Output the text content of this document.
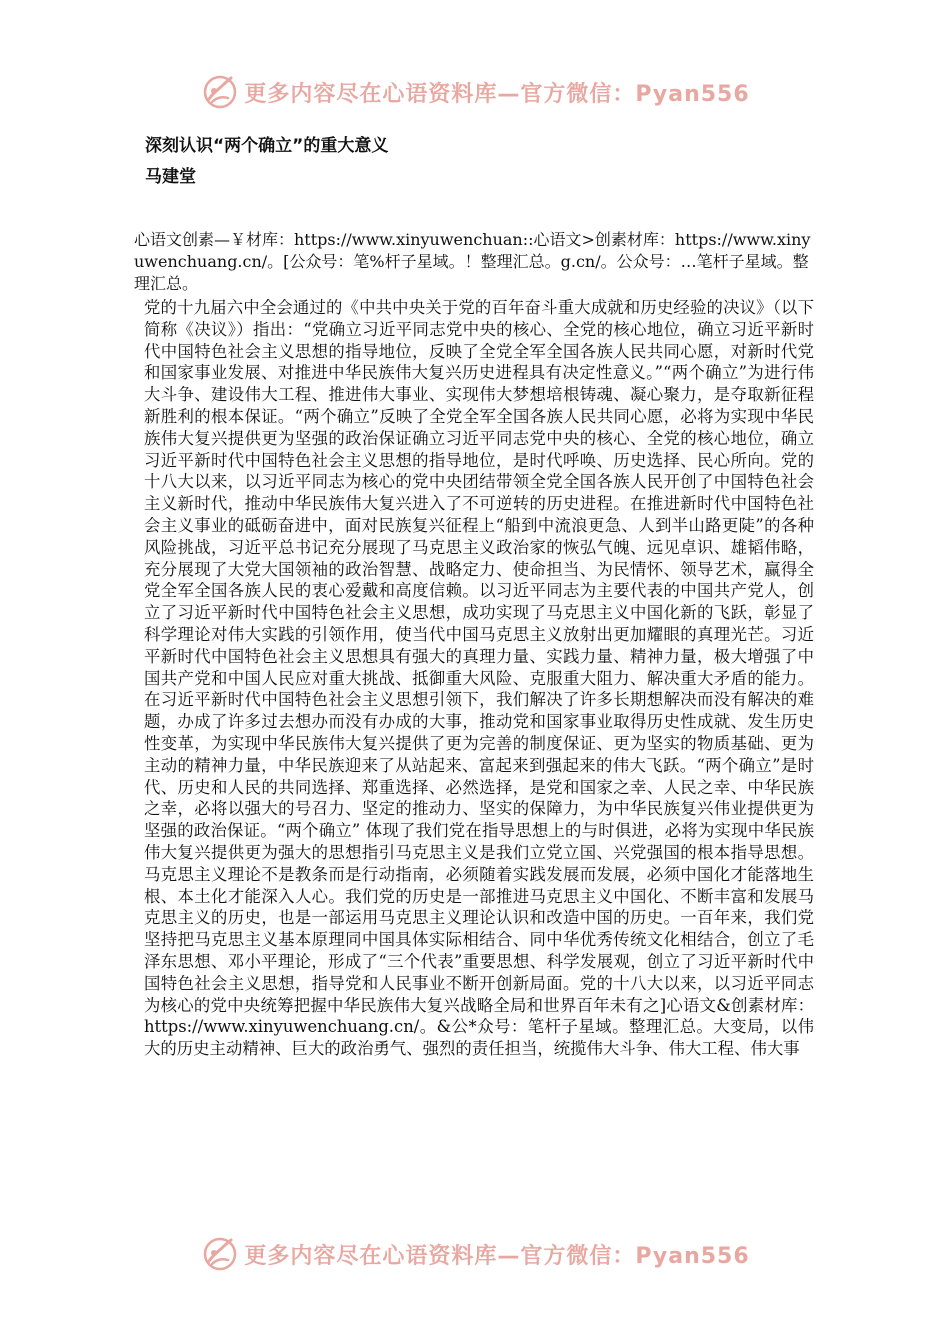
更多内容尽在心语资料库—官方微信：Pyan556
深刻认识“两个确立”的重大意义
马建堂

心语文创素—￥材库：https://www.xinyuwenchuan::心语文>创素材库：https://www.xinyuwenchuang.cn/。[公众号：笔%杆子星域。！整理汇总。g.cn/。公众号：…笔杆子星域。整理汇总。

党的十九届六中全会通过的《中共中央关于党的百年奋斗重大成就和历史经验的决议》（以下简称《决议》）指出：“党确立习近平同志党中央的核心、全党的核心地位，确立习近平新时代中国特色社会主义思想的指导地位，反映了全党全军全国各族人民共同心愿，对新时代党和国家事业发展、对推进中华民族伟大复兴历史进程具有决定性意义。”“两个确立”为进行伟大斗争、建设伟大工程、推进伟大事业、实现伟大梦想培根铸魂、凝心聚力，是夺取新征程新胜利的根本保证。“两个确立”反映了全党全军全国各族人民共同心愿，必将为实现中华民族伟大复兴提供更为坚强的政治保证确立习近平同志党中央的核心、全党的核心地位，确立习近平新时代中国特色社会主义思想的指导地位，是时代呼唤、历史选择、民心所向。党的十八大以来，以习近平同志为核心的党中央团结带领全党全国各族人民开创了中国特色社会主义新时代，推动中华民族伟大复兴进入了不可逆转的历史进程。在推进新时代中国特色社会主义事业的砥砺奋进中，面对民族复兴征程上“船到中流浪更急、人到半山路更陡”的各种风险挑战，习近平总书记充分展现了马克思主义政治家的恢弘气魄、远见卓识、雄韬伟略，充分展现了大党大国领袖的政治智慧、战略定力、使命担当、为民情怀、领导艺术，赢得全党全军全国各族人民的衷心爱戴和高度信赖。以习近平同志为主要代表的中国共产党人，创立了习近平新时代中国特色社会主义思想，成功实现了马克思主义中国化新的飞跃，彰显了科学理论对伟大实践的引领作用，使当代中国马克思主义放射出更加耀眼的真理光芒。习近平新时代中国特色社会主义思想具有强大的真理力量、实践力量、精神力量，极大增强了中国共产党和中国人民应对重大挑战、抵御重大风险、克服重大阻力、解决重大矛盾的能力。在习近平新时代中国特色社会主义思想引领下，我们解决了许多长期想解决而没有解决的难题，办成了许多过去想办而没有办成的大事，推动党和国家事业取得历史性成就、发生历史性变革，为实现中华民族伟大复兴提供了更为完善的制度保证、更为坚实的物质基础、更为主动的精神力量，中华民族迎来了从站起来、富起来到强起来的伟大飞跃。“两个确立”是时代、历史和人民的共同选择、郑重选择、必然选择，是党和国家之幸、人民之幸、中华民族之幸，必将以强大的号召力、坚定的推动力、坚实的保障力，为中华民族复兴伟业提供更为坚强的政治保证。“两个确立” 体现了我们党在指导思想上的与时俱进，必将为实现中华民族伟大复兴提供更为强大的思想指引马克思主义是我们立党立国、兴党强国的根本指导思想。马克思主义理论不是教条而是行动指南，必须随着实践发展而发展，必须中国化才能落地生根、本土化才能深入人心。我们党的历史是一部推进马克思主义中国化、不断丰富和发展马克思主义的历史，也是一部运用马克思主义理论认识和改造中国的历史。一百年来，我们党坚持把马克思主义基本原理同中国具体实际相结合、同中华优秀传统文化相结合，创立了毛泽东思想、邓小平理论，形成了“三个代表”重要思想、科学发展观，创立了习近平新时代中国特色社会主义思想，指导党和人民事业不断开创新局面。党的十八大以来，以习近平同志为核心的党中央统筹把握中华民族伟大复兴战略全局和世界百年未有之]心语文&创素材库：https://www.xinyuwenchuang.cn/。&公*众号：笔杆子星域。整理汇总。大变局，以伟大的历史主动精神、巨大的政治勇气、强烈的责任担当，统揽伟大斗争、伟大工程、伟大事

更多内容尽在心语资料库—官方微信：Pyan556
